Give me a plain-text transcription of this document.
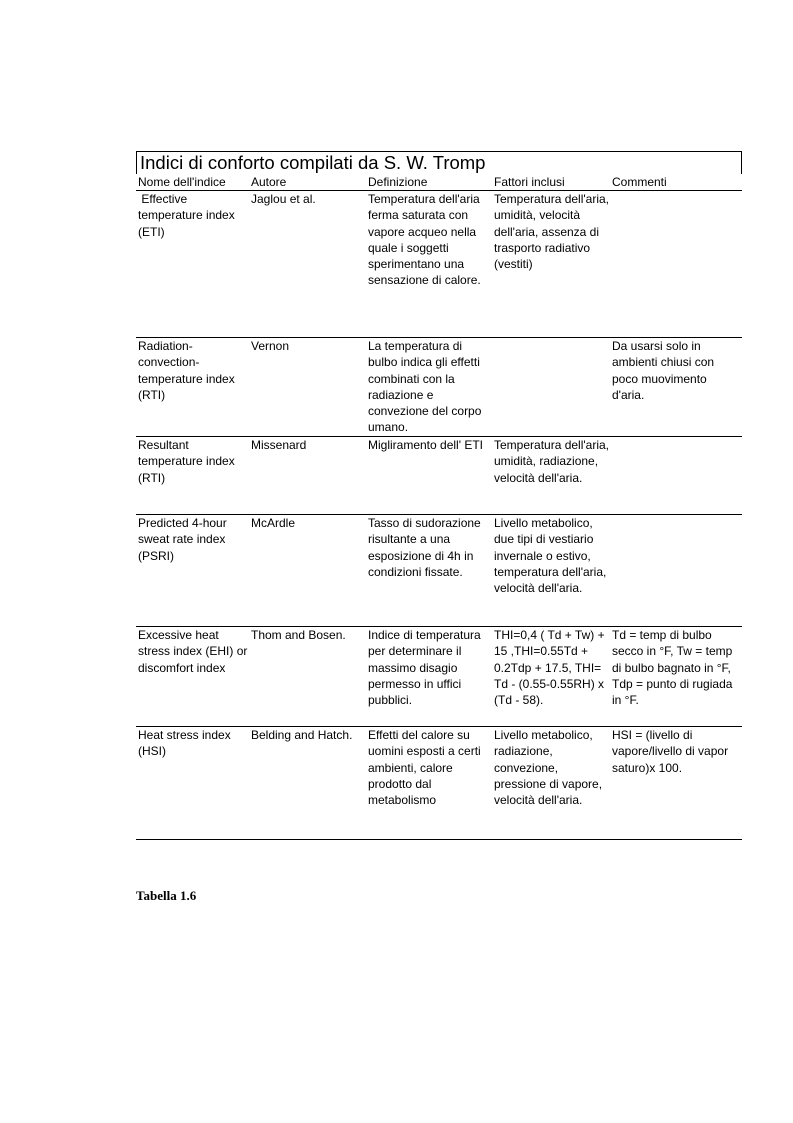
Indici di conforto compilati da S. W. Tromp
Nome dell'indice	Autore	Definizione	Fattori inclusi	Commenti
Effective temperature index (ETI)	Jaglou et al.	Temperatura dell'aria ferma saturata con vapore acqueo nella quale i soggetti sperimentano una sensazione di calore.	Temperatura dell'aria, umidità, velocità dell'aria, assenza di trasporto radiativo (vestiti)	
Radiation-convection-temperature index (RTI)	Vernon	La temperatura di bulbo indica gli effetti combinati con la radiazione e convezione del corpo umano.		Da usarsi solo in ambienti chiusi con poco muovimento d'aria.
Resultant temperature index (RTI)	Missenard	Migliramento dell' ETI	Temperatura dell'aria, umidità, radiazione, velocità dell'aria.	
Predicted 4-hour sweat rate index (PSRI)	McArdle	Tasso di sudorazione risultante a una esposizione di 4h in condizioni fissate.	Livello metabolico, due tipi di vestiario invernale o estivo, temperatura dell'aria, velocità dell'aria.	
Excessive heat stress index (EHI) or discomfort index	Thom and Bosen.	Indice di temperatura per determinare il massimo disagio permesso in uffici pubblici.	THI=0,4 ( Td + Tw) + 15 ,THI=0.55Td + 0.2Tdp + 17.5, THI= Td - (0.55-0.55RH) x (Td - 58).	Td = temp di bulbo secco in °F, Tw = temp di bulbo bagnato in °F, Tdp = punto di rugiada in °F.
Heat stress index (HSI)	Belding and Hatch.	Effetti del calore su uomini esposti a certi ambienti, calore prodotto dal metabolismo	Livello metabolico, radiazione, convezione, pressione di vapore, velocità dell'aria.	HSI = (livello di vapore/livello di vapor saturo)x 100.
Tabella 1.6
